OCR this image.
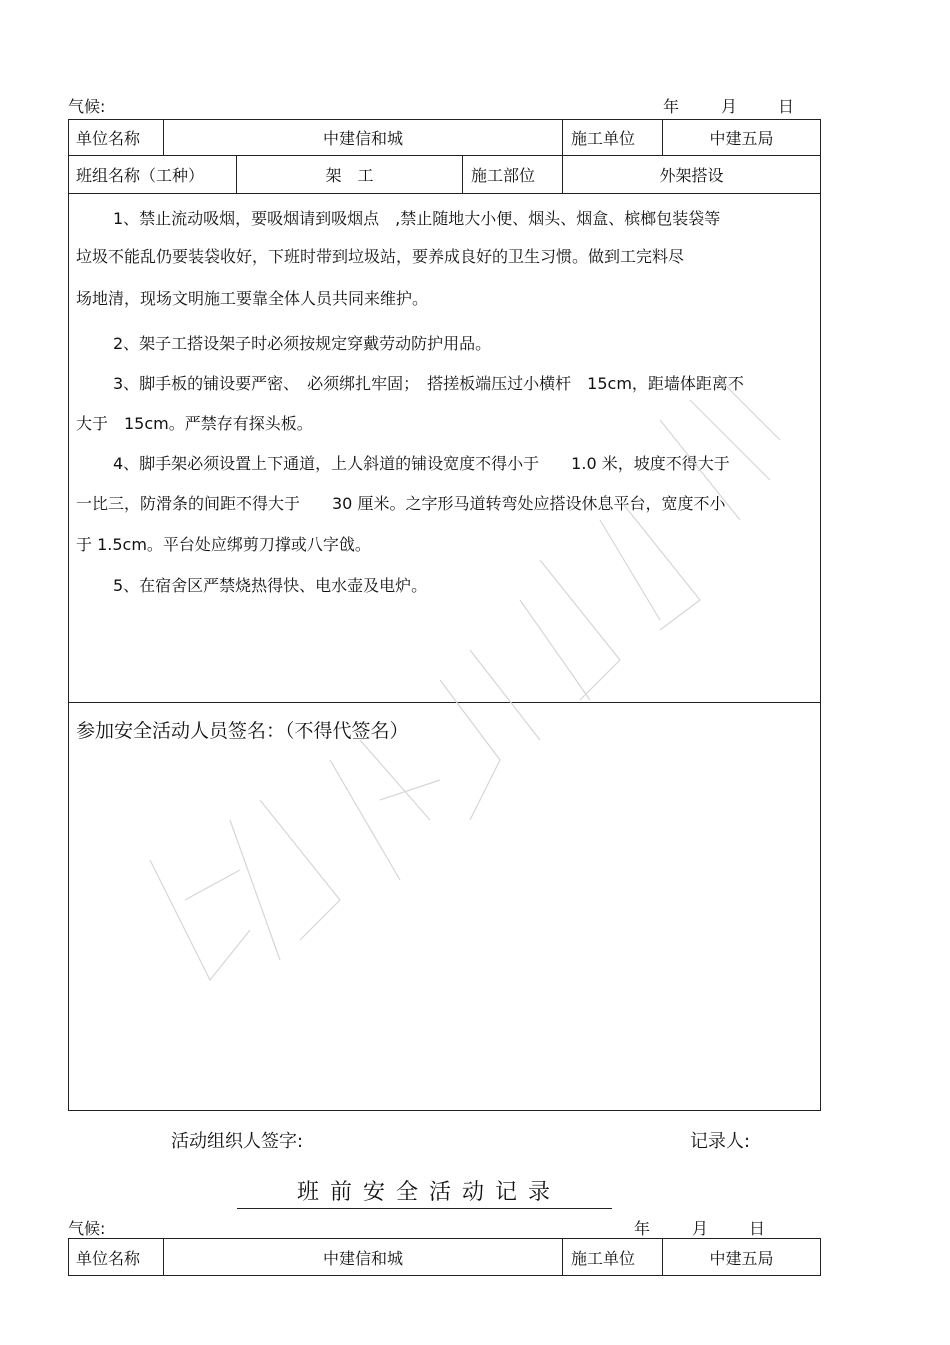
气候:	年	月	日
单位名称	中建信和城	施工单位	中建五局
班组名称（工种）	架　工	施工部位	外架搭设
1、禁止流动吸烟，要吸烟请到吸烟点　,禁止随地大小便、烟头、烟盒、槟榔包装袋等
垃圾不能乱仍要装袋收好，下班时带到垃圾站，要养成良好的卫生习惯。做到工完料尽
场地清，现场文明施工要靠全体人员共同来维护。
2、架子工搭设架子时必须按规定穿戴劳动防护用品。
3、脚手板的铺设要严密、　必须绑扎牢固；　搭搓板端压过小横杆　15cm，距墙体距离不
大于　15cm。严禁存有探头板。
4、脚手架必须设置上下通道，上人斜道的铺设宽度不得小于　　1.0 米，坡度不得大于
一比三，防滑条的间距不得大于　　30 厘米。之字形马道转弯处应搭设休息平台，宽度不小
于 1.5cm。平台处应绑剪刀撑或八字戗。
5、在宿舍区严禁烧热得快、电水壶及电炉。
参加安全活动人员签名：（不得代签名）
活动组织人签字:	记录人:
班 前 安 全 活 动 记 录
气候:	年	月	日
单位名称	中建信和城	施工单位	中建五局
